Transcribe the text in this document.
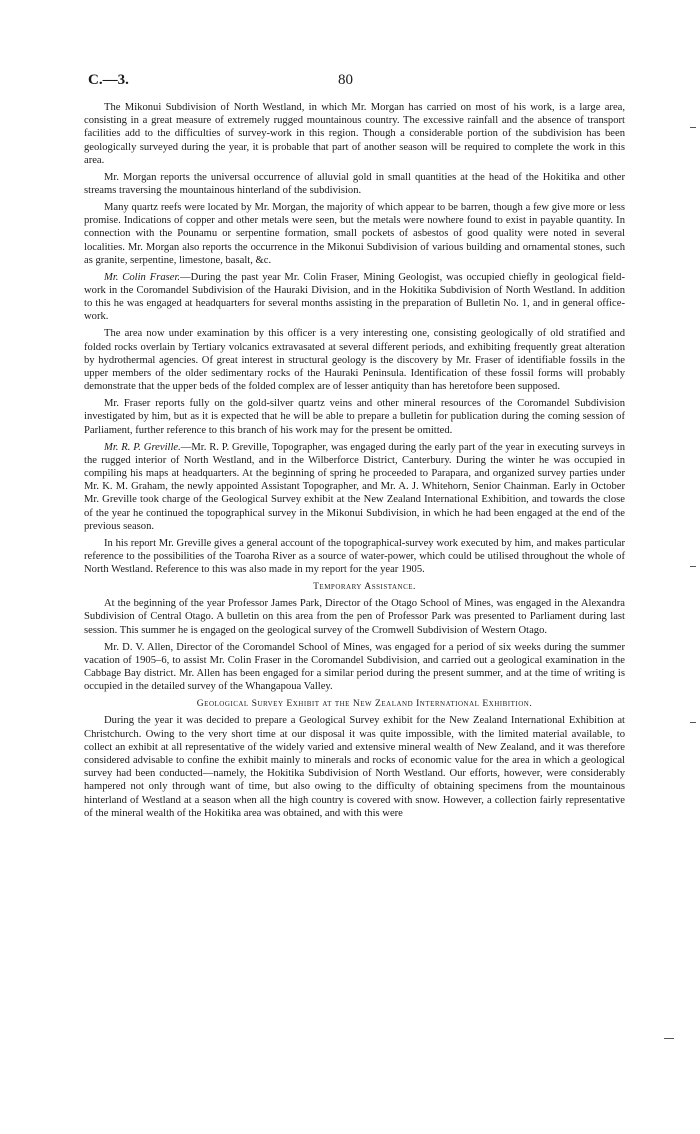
C.—3.	80

The Mikonui Subdivision of North Westland, in which Mr. Morgan has carried on most of his work, is a large area, consisting in a great measure of extremely rugged mountainous country. The excessive rainfall and the absence of transport facilities add to the difficulties of survey-work in this region. Though a considerable portion of the subdivision has been geologically surveyed during the year, it is probable that part of another season will be required to complete the work in this area.

Mr. Morgan reports the universal occurrence of alluvial gold in small quantities at the head of the Hokitika and other streams traversing the mountainous hinterland of the subdivision.

Many quartz reefs were located by Mr. Morgan, the majority of which appear to be barren, though a few give more or less promise. Indications of copper and other metals were seen, but the metals were nowhere found to exist in payable quantity. In connection with the Pounamu or serpentine formation, small pockets of asbestos of good quality were noted in several localities. Mr. Morgan also reports the occurrence in the Mikonui Subdivision of various building and ornamental stones, such as granite, serpentine, limestone, basalt, &c.

Mr. Colin Fraser.—During the past year Mr. Colin Fraser, Mining Geologist, was occupied chiefly in geological field-work in the Coromandel Subdivision of the Hauraki Division, and in the Hokitika Subdivision of North Westland. In addition to this he was engaged at headquarters for several months assisting in the preparation of Bulletin No. 1, and in general office-work.

The area now under examination by this officer is a very interesting one, consisting geologically of old stratified and folded rocks overlain by Tertiary volcanics extravasated at several different periods, and exhibiting frequently great alteration by hydrothermal agencies. Of great interest in structural geology is the discovery by Mr. Fraser of identifiable fossils in the upper members of the older sedimentary rocks of the Hauraki Peninsula. Identification of these fossil forms will probably demonstrate that the upper beds of the folded complex are of lesser antiquity than has heretofore been supposed.

Mr. Fraser reports fully on the gold-silver quartz veins and other mineral resources of the Coromandel Subdivision investigated by him, but as it is expected that he will be able to prepare a bulletin for publication during the coming session of Parliament, further reference to this branch of his work may for the present be omitted.

Mr. R. P. Greville.—Mr. R. P. Greville, Topographer, was engaged during the early part of the year in executing surveys in the rugged interior of North Westland, and in the Wilberforce District, Canterbury. During the winter he was occupied in compiling his maps at headquarters. At the beginning of spring he proceeded to Parapara, and organized survey parties under Mr. K. M. Graham, the newly appointed Assistant Topographer, and Mr. A. J. Whitehorn, Senior Chainman. Early in October Mr. Greville took charge of the Geological Survey exhibit at the New Zealand International Exhibition, and towards the close of the year he continued the topographical survey in the Mikonui Subdivision, in which he had been engaged at the end of the previous season.

In his report Mr. Greville gives a general account of the topographical-survey work executed by him, and makes particular reference to the possibilities of the Toaroha River as a source of water-power, which could be utilised throughout the whole of North Westland. Reference to this was also made in my report for the year 1905.

Temporary Assistance.

At the beginning of the year Professor James Park, Director of the Otago School of Mines, was engaged in the Alexandra Subdivision of Central Otago. A bulletin on this area from the pen of Professor Park was presented to Parliament during last session. This summer he is engaged on the geological survey of the Cromwell Subdivision of Western Otago.

Mr. D. V. Allen, Director of the Coromandel School of Mines, was engaged for a period of six weeks during the summer vacation of 1905–6, to assist Mr. Colin Fraser in the Coromandel Subdivision, and carried out a geological examination in the Cabbage Bay district. Mr. Allen has been engaged for a similar period during the present summer, and at the time of writing is occupied in the detailed survey of the Whangapoua Valley.

Geological Survey Exhibit at the New Zealand International Exhibition.

During the year it was decided to prepare a Geological Survey exhibit for the New Zealand International Exhibition at Christchurch. Owing to the very short time at our disposal it was quite impossible, with the limited material available, to collect an exhibit at all representative of the widely varied and extensive mineral wealth of New Zealand, and it was therefore considered advisable to confine the exhibit mainly to minerals and rocks of economic value for the area in which a geological survey had been conducted—namely, the Hokitika Subdivision of North Westland. Our efforts, however, were considerably hampered not only through want of time, but also owing to the difficulty of obtaining specimens from the mountainous hinterland of Westland at a season when all the high country is covered with snow. However, a collection fairly representative of the mineral wealth of the Hokitika area was obtained, and with this were
